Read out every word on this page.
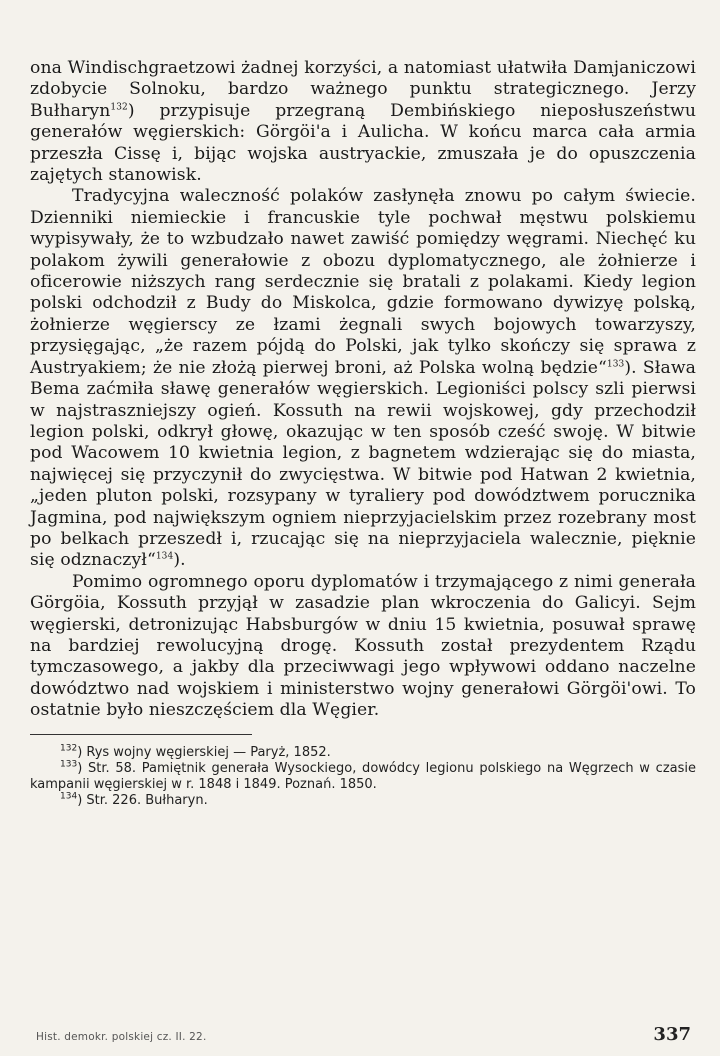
ona Windischgraetzowi żadnej korzyści, a natomiast ułatwiła Damjaniczowi zdobycie Solnoku, bardzo ważnego punktu strategicznego. Jerzy Bułharyn$^{132}$) przypisuje przegraną Dembińskiego nieposłuszeństwu generałów węgierskich: Görgöi'a i Aulicha. W końcu marca cała armia przeszła Cissę i, bijąc wojska austryackie, zmuszała je do opuszczenia zajętych stanowisk.

Tradycyjna waleczność polaków zasłynęła znowu po całym świecie. Dzienniki niemieckie i francuskie tyle pochwał męstwu polskiemu wypisywały, że to wzbudzało nawet zawiść pomiędzy węgrami. Niechęć ku polakom żywili generałowie z obozu dyplomatycznego, ale żołnierze i oficerowie niższych rang serdecznie się bratali z polakami. Kiedy legion polski odchodził z Budy do Miskolca, gdzie formowano dywizyę polską, żołnierze węgierscy ze łzami żegnali swych bojowych towarzyszy, przysięgając, „że razem pójdą do Polski, jak tylko skończy się sprawa z Austryakiem; że nie złożą pierwej broni, aż Polska wolną będzie“$^{133}$). Sława Bema zaćmiła sławę generałów węgierskich. Legioniści polscy szli pierwsi w najstraszniejszy ogień. Kossuth na rewii wojskowej, gdy przechodził legion polski, odkrył głowę, okazując w ten sposób cześć swoję. W bitwie pod Wacowem 10 kwietnia legion, z bagnetem wdzierając się do miasta, najwięcej się przyczynił do zwycięstwa. W bitwie pod Hatwan 2 kwietnia, „jeden pluton polski, rozsypany w tyraliery pod dowództwem porucznika Jagmina, pod największym ogniem nieprzyjacielskim przez rozebrany most po belkach przeszedł i, rzucając się na nieprzyjaciela walecznie, pięknie się odznaczył“$^{134}$).

Pomimo ogromnego oporu dyplomatów i trzymającego z nimi generała Görgöia, Kossuth przyjął w zasadzie plan wkroczenia do Galicyi. Sejm węgierski, detronizując Habsburgów w dniu 15 kwietnia, posuwał sprawę na bardziej rewolucyjną drogę. Kossuth został prezydentem Rządu tymczasowego, a jakby dla przeciwwagi jego wpływowi oddano naczelne dowództwo nad wojskiem i ministerstwo wojny generałowi Görgöi'owi. To ostatnie było nieszczęściem dla Węgier.

$^{132}$) Rys wojny węgierskiej — Paryż, 1852.

$^{133}$) Str. 58. Pamiętnik generała Wysockiego, dowódcy legionu polskiego na Węgrzech w czasie kampanii węgierskiej w r. 1848 i 1849. Poznań. 1850.

$^{134}$) Str. 226. Bułharyn.

Hist. demokr. polskiej cz. II. 22.	337
